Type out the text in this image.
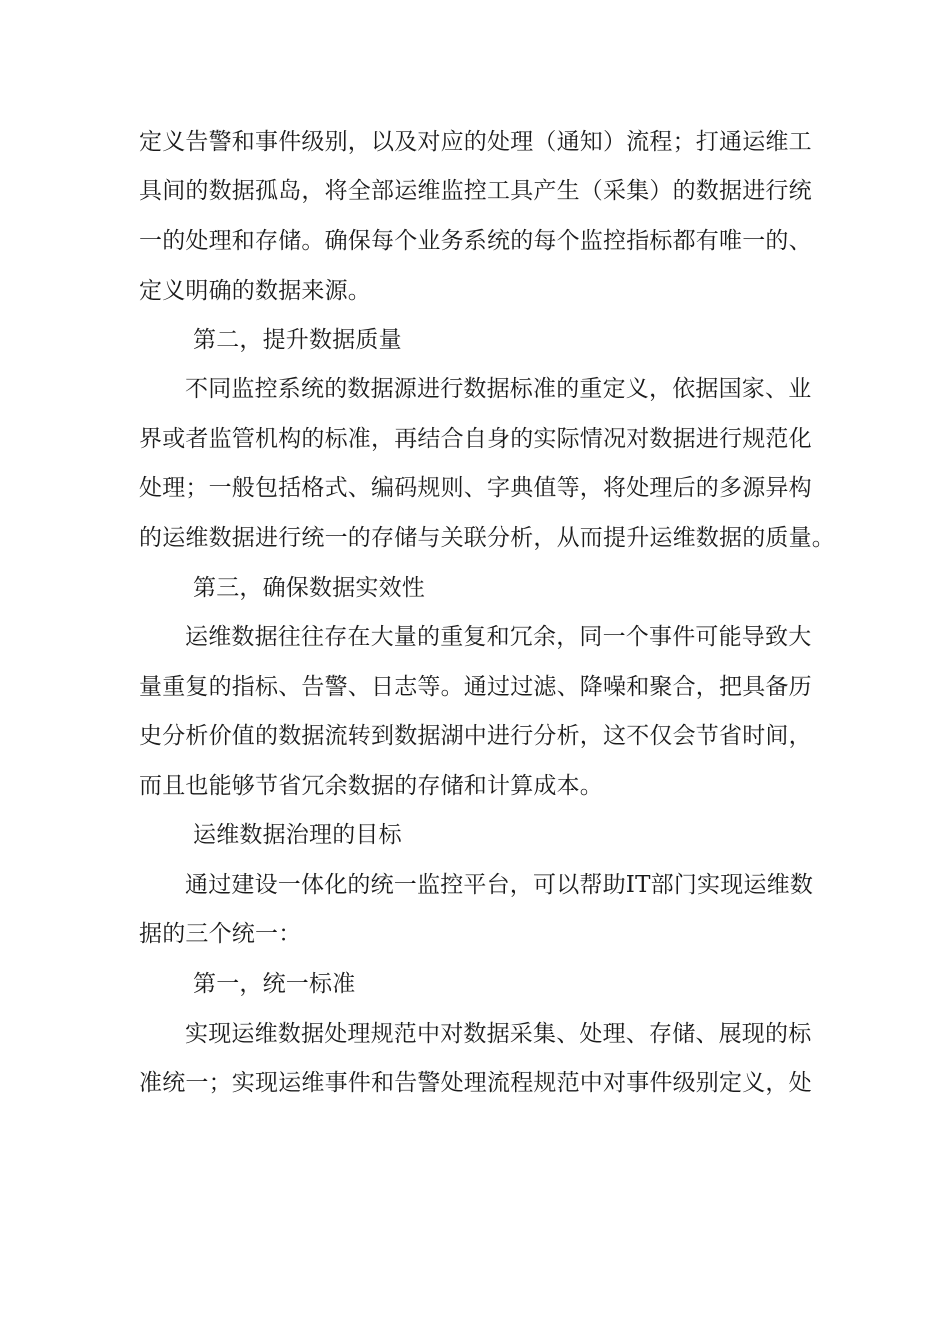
定义告警和事件级别，以及对应的处理（通知）流程；打通运维工
具间的数据孤岛，将全部运维监控工具产生（采集）的数据进行统
一的处理和存储。确保每个业务系统的每个监控指标都有唯一的、
定义明确的数据来源。
第二，提升数据质量
不同监控系统的数据源进行数据标准的重定义，依据国家、业
界或者监管机构的标准，再结合自身的实际情况对数据进行规范化
处理；一般包括格式、编码规则、字典值等，将处理后的多源异构
的运维数据进行统一的存储与关联分析，从而提升运维数据的质量。
第三，确保数据实效性
运维数据往往存在大量的重复和冗余，同一个事件可能导致大
量重复的指标、告警、日志等。通过过滤、降噪和聚合，把具备历
史分析价值的数据流转到数据湖中进行分析，这不仅会节省时间，
而且也能够节省冗余数据的存储和计算成本。
运维数据治理的目标
通过建设一体化的统一监控平台，可以帮助IT部门实现运维数
据的三个统一：
第一，统一标准
实现运维数据处理规范中对数据采集、处理、存储、展现的标
准统一；实现运维事件和告警处理流程规范中对事件级别定义，处
